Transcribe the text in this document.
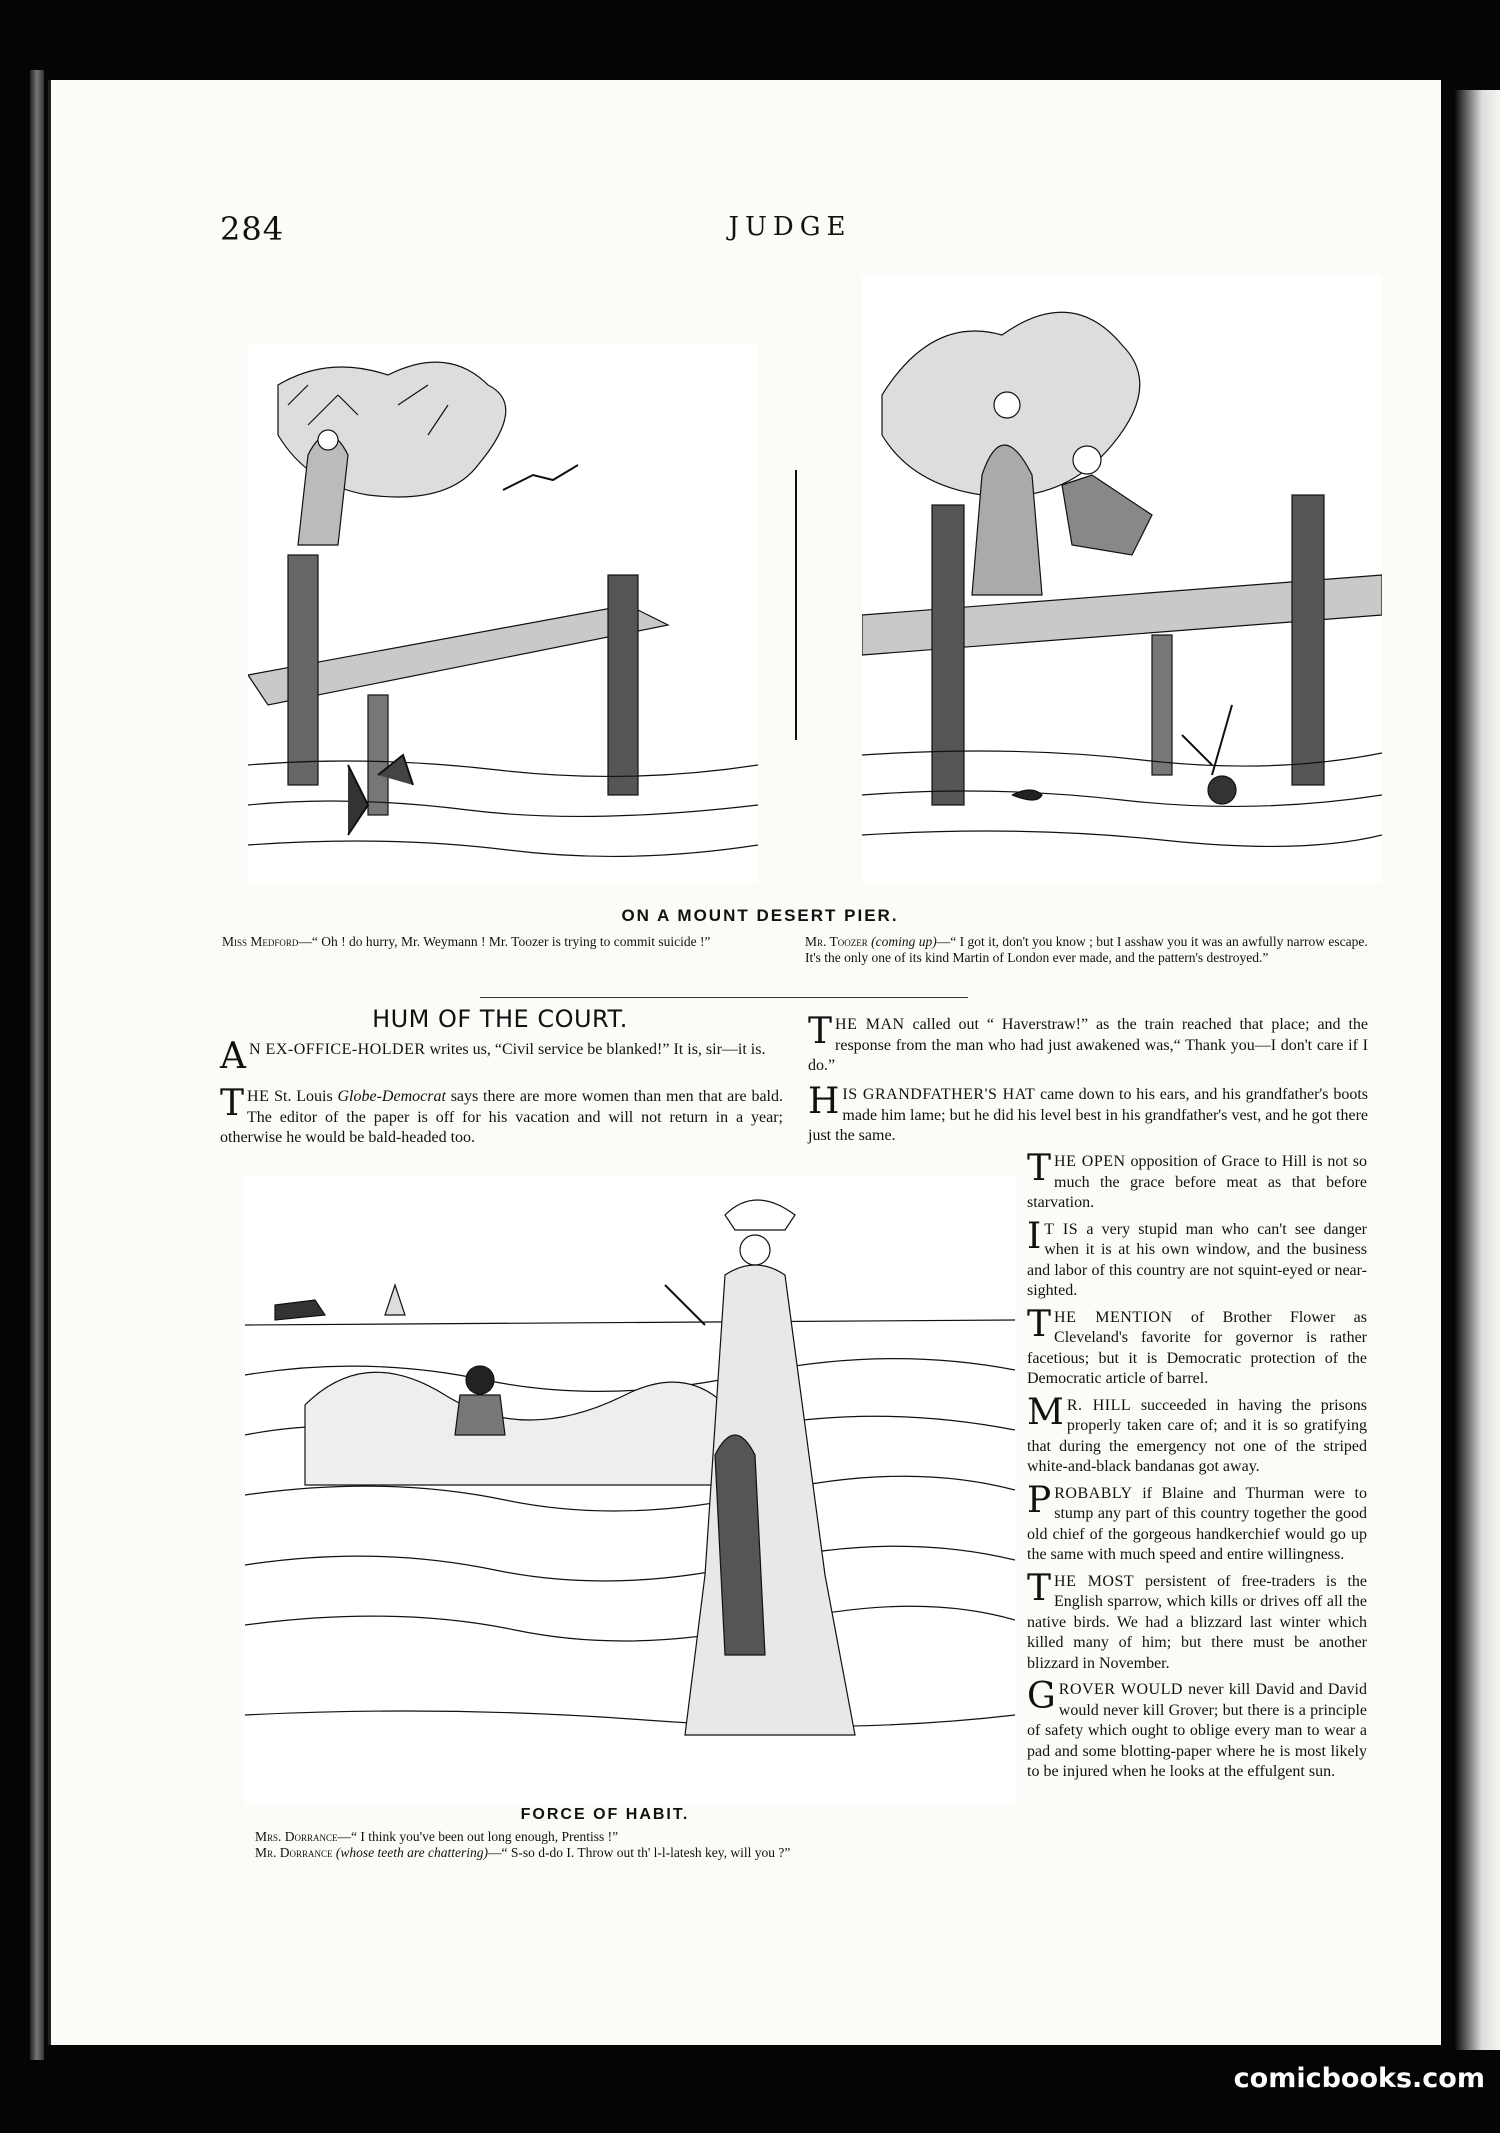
284	JUDGE
ON A MOUNT DESERT PIER.
Miss Medford—“ Oh ! do hurry, Mr. Weymann ! Mr. Toozer is trying to commit suicide !”	Mr. Toozer (coming up)—“ I got it, don't you know ; but I asshaw you it was an awfully narrow escape. It's the only one of its kind Martin of London ever made, and the pattern's destroyed.”
HUM OF THE COURT.
A N EX-OFFICE-HOLDER writes us, “Civil service be blanked!” It is, sir—it is.
THE St. Louis Globe-Democrat says there are more women than men that are bald. The editor of the paper is off for his vacation and will not return in a year; otherwise he would be bald-headed too.
THE MAN called out “ Haverstraw!” as the train reached that place; and the response from the man who had just awakened was,“ Thank you—I don't care if I do.”
HIS GRANDFATHER'S HAT came down to his ears, and his grandfather's boots made him lame; but he did his level best in his grandfather's vest, and he got there just the same.
THE OPEN opposition of Grace to Hill is not so much the grace before meat as that before starvation.
I T IS a very stupid man who can't see danger when it is at his own window, and the business and labor of this country are not squint-eyed or near-sighted.
THE MENTION of Brother Flower as Cleveland's favorite for governor is rather facetious; but it is Democratic protection of the Democratic article of barrel.
M R. HILL succeeded in having the prisons properly taken care of; and it is so gratifying that during the emergency not one of the striped white-and-black bandanas got away.
PROBABLY if Blaine and Thurman were to stump any part of this country together the good old chief of the gorgeous handkerchief would go up the same with much speed and entire willingness.
THE MOST persistent of free-traders is the English sparrow, which kills or drives off all the native birds. We had a blizzard last winter which killed many of him; but there must be another blizzard in November.
GROVER WOULD never kill David and David would never kill Grover; but there is a principle of safety which ought to oblige every man to wear a pad and some blotting-paper where he is most likely to be injured when he looks at the effulgent sun.
FORCE OF HABIT.
Mrs. Dorrance—“ I think you've been out long enough, Prentiss !”
Mr. Dorrance (whose teeth are chattering)—“ S-so d-do I. Throw out th' l-l-latesh key, will you ?”
comicbooks.com
